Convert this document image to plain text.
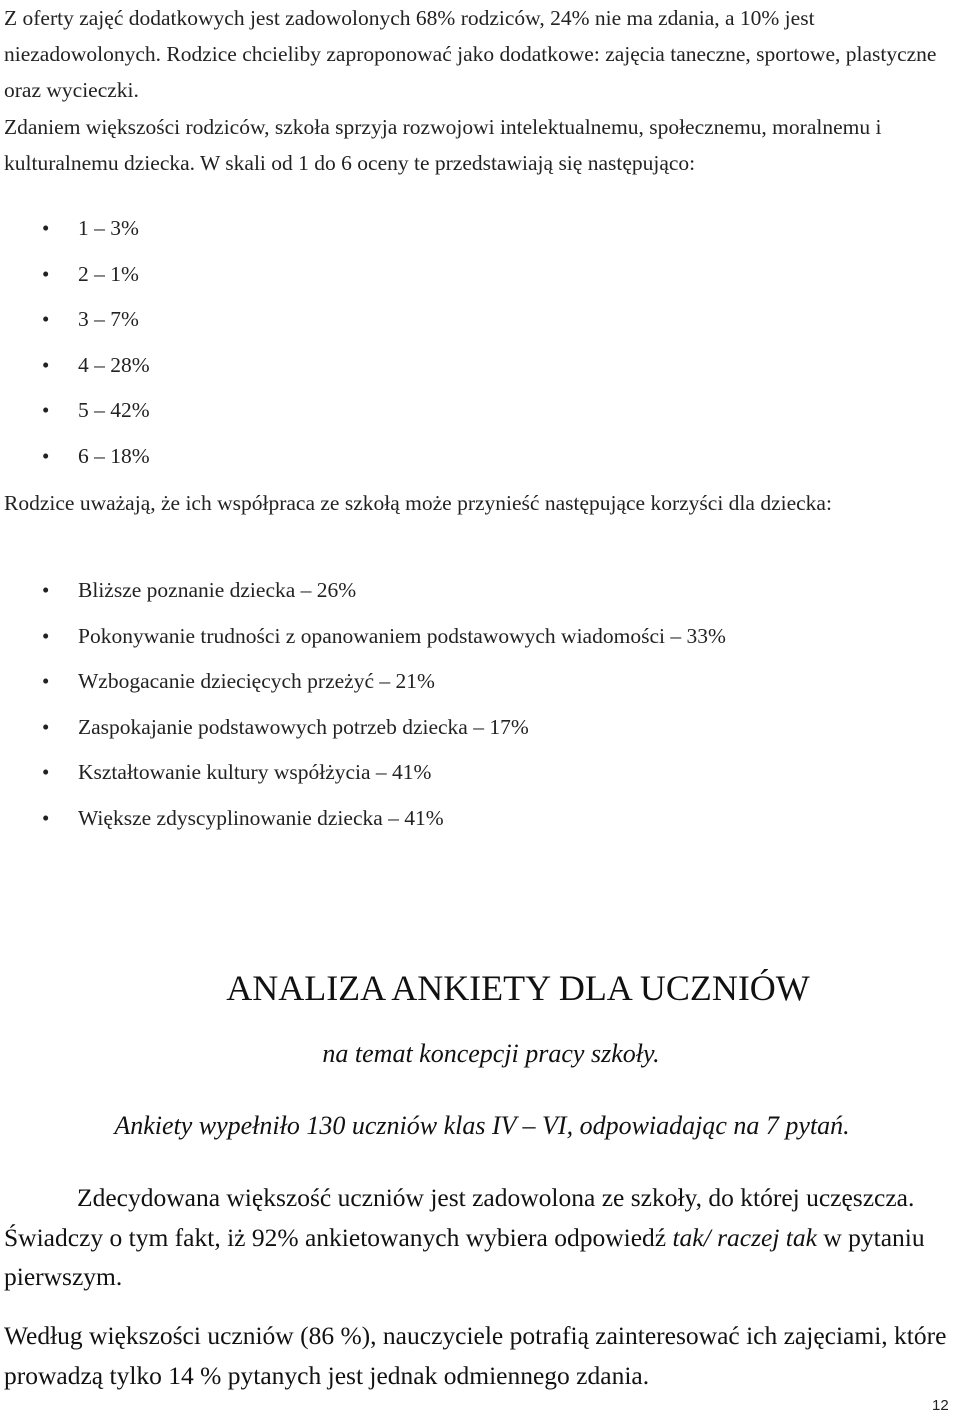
Z oferty zajęć dodatkowych jest zadowolonych 68% rodziców, 24% nie ma zdania, a 10% jest niezadowolonych. Rodzice chcieliby zaproponować jako dodatkowe: zajęcia taneczne, sportowe, plastyczne oraz wycieczki.
Zdaniem większości rodziców, szkoła sprzyja rozwojowi intelektualnemu, społecznemu, moralnemu i kulturalnemu dziecka. W skali od 1 do 6 oceny te przedstawiają się następująco:

• 1 – 3%
• 2 – 1%
• 3 – 7%
• 4 – 28%
• 5 – 42%
• 6 – 18%

Rodzice uważają, że ich współpraca ze szkołą może przynieść następujące korzyści dla dziecka:

• Bliższe poznanie dziecka – 26%
• Pokonywanie trudności z opanowaniem podstawowych wiadomości – 33%
• Wzbogacanie dziecięcych przeżyć – 21%
• Zaspokajanie podstawowych potrzeb dziecka – 17%
• Kształtowanie kultury współżycia – 41%
• Większe zdyscyplinowanie dziecka – 41%
ANALIZA ANKIETY DLA UCZNIÓW

na temat koncepcji pracy szkoły.

Ankiety wypełniło 130 uczniów klas IV – VI, odpowiadając na 7 pytań.

Zdecydowana większość uczniów jest zadowolona ze szkoły, do której uczęszcza. Świadczy o tym fakt, iż 92% ankietowanych wybiera odpowiedź tak/ raczej tak w pytaniu pierwszym.

Według większości uczniów (86 %), nauczyciele potrafią zainteresować ich zajęciami, które prowadzą tylko 14 % pytanych jest jednak odmiennego zdania.

12
